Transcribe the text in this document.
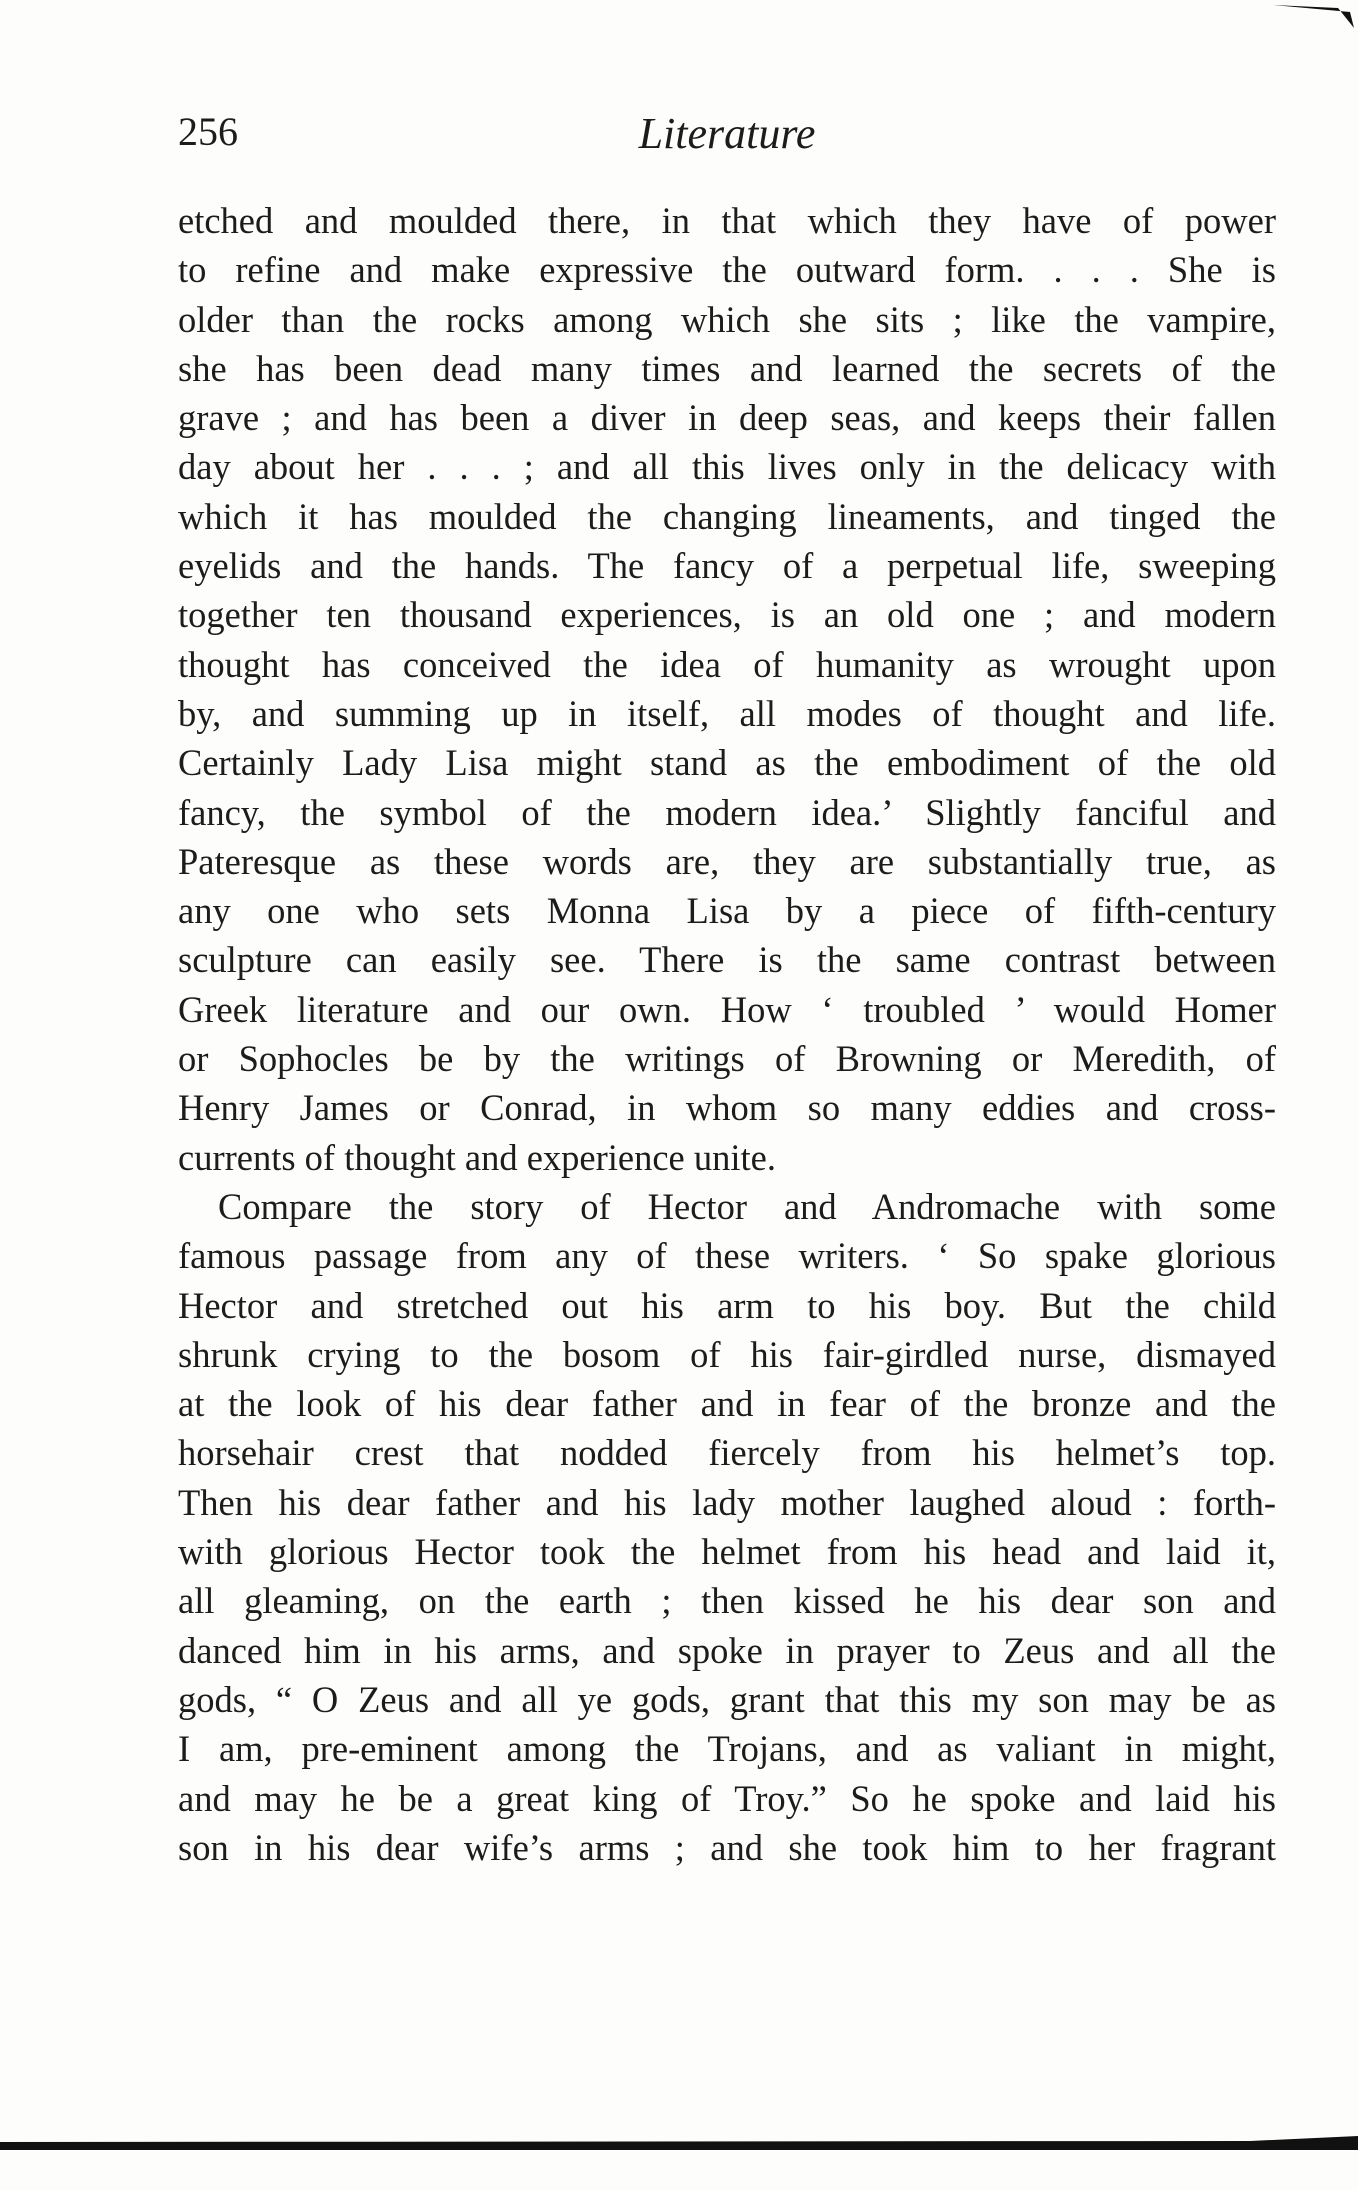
256	Literature
etched and moulded there, in that which they have of power
to refine and make expressive the outward form. . . . She is
older than the rocks among which she sits ; like the vampire,
she has been dead many times and learned the secrets of the
grave ; and has been a diver in deep seas, and keeps their fallen
day about her . . . ; and all this lives only in the delicacy with
which it has moulded the changing lineaments, and tinged the
eyelids and the hands. The fancy of a perpetual life, sweeping
together ten thousand experiences, is an old one ; and modern
thought has conceived the idea of humanity as wrought upon
by, and summing up in itself, all modes of thought and life.
Certainly Lady Lisa might stand as the embodiment of the old
fancy, the symbol of the modern idea.’ Slightly fanciful and
Pateresque as these words are, they are substantially true, as
any one who sets Monna Lisa by a piece of fifth-century
sculpture can easily see. There is the same contrast between
Greek literature and our own. How ‘ troubled ’ would Homer
or Sophocles be by the writings of Browning or Meredith, of
Henry James or Conrad, in whom so many eddies and cross-
currents of thought and experience unite.
Compare the story of Hector and Andromache with some
famous passage from any of these writers. ‘ So spake glorious
Hector and stretched out his arm to his boy. But the child
shrunk crying to the bosom of his fair-girdled nurse, dismayed
at the look of his dear father and in fear of the bronze and the
horsehair crest that nodded fiercely from his helmet’s top.
Then his dear father and his lady mother laughed aloud : forth-
with glorious Hector took the helmet from his head and laid it,
all gleaming, on the earth ; then kissed he his dear son and
danced him in his arms, and spoke in prayer to Zeus and all the
gods, “ O Zeus and all ye gods, grant that this my son may be as
I am, pre-eminent among the Trojans, and as valiant in might,
and may he be a great king of Troy.” So he spoke and laid his
son in his dear wife’s arms ; and she took him to her fragrant
